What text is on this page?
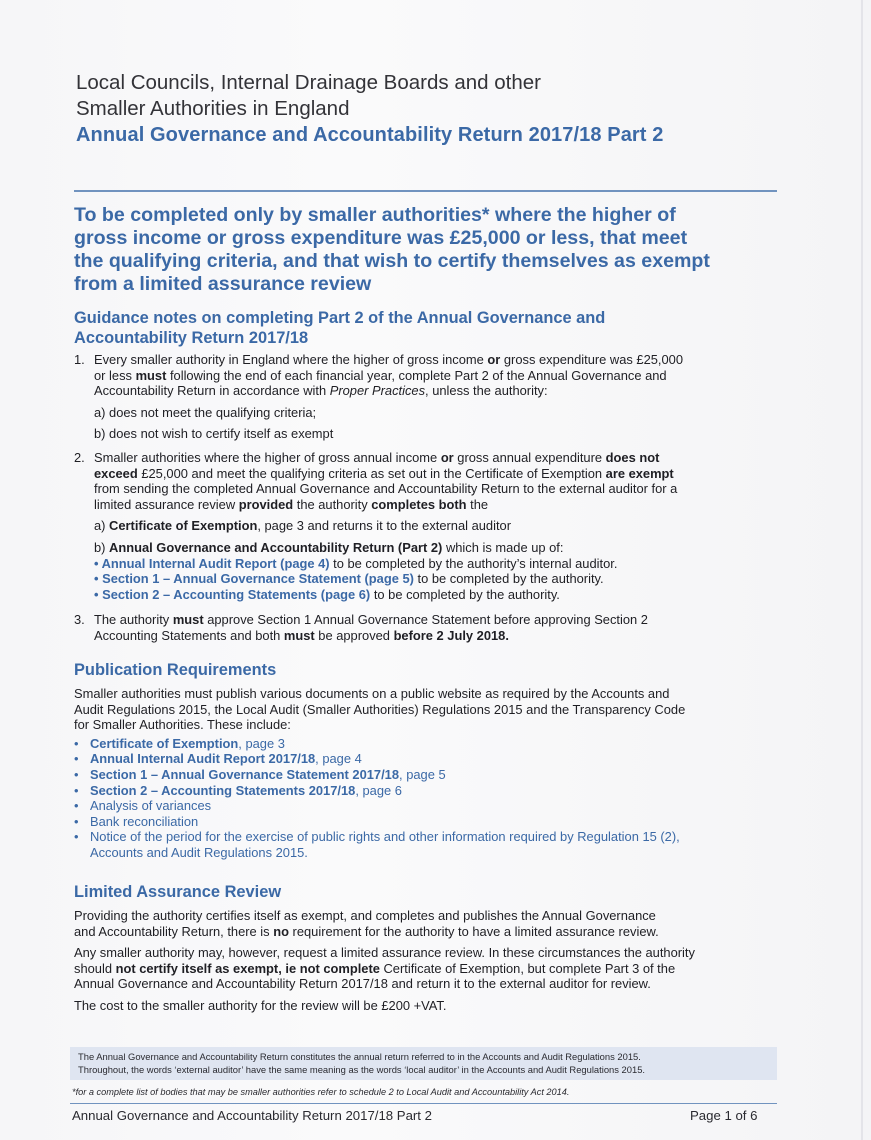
Local Councils, Internal Drainage Boards and other
Smaller Authorities in England
Annual Governance and Accountability Return 2017/18 Part 2
To be completed only by smaller authorities* where the higher of
gross income or gross expenditure was £25,000 or less, that meet
the qualifying criteria, and that wish to certify themselves as exempt
from a limited assurance review
Guidance notes on completing Part 2 of the Annual Governance and
Accountability Return 2017/18
1. Every smaller authority in England where the higher of gross income or gross expenditure was £25,000
or less must following the end of each financial year, complete Part 2 of the Annual Governance and
Accountability Return in accordance with Proper Practices, unless the authority:
a) does not meet the qualifying criteria;
b) does not wish to certify itself as exempt
2. Smaller authorities where the higher of gross annual income or gross annual expenditure does not
exceed £25,000 and meet the qualifying criteria as set out in the Certificate of Exemption are exempt
from sending the completed Annual Governance and Accountability Return to the external auditor for a
limited assurance review provided the authority completes both the
a) Certificate of Exemption, page 3 and returns it to the external auditor
b) Annual Governance and Accountability Return (Part 2) which is made up of:
• Annual Internal Audit Report (page 4) to be completed by the authority’s internal auditor.
• Section 1 – Annual Governance Statement (page 5) to be completed by the authority.
• Section 2 – Accounting Statements (page 6) to be completed by the authority.
3. The authority must approve Section 1 Annual Governance Statement before approving Section 2
Accounting Statements and both must be approved before 2 July 2018.
Publication Requirements
Smaller authorities must publish various documents on a public website as required by the Accounts and
Audit Regulations 2015, the Local Audit (Smaller Authorities) Regulations 2015 and the Transparency Code
for Smaller Authorities. These include:
• Certificate of Exemption, page 3
• Annual Internal Audit Report 2017/18, page 4
• Section 1 – Annual Governance Statement 2017/18, page 5
• Section 2 – Accounting Statements 2017/18, page 6
• Analysis of variances
• Bank reconciliation
• Notice of the period for the exercise of public rights and other information required by Regulation 15 (2),
Accounts and Audit Regulations 2015.
Limited Assurance Review
Providing the authority certifies itself as exempt, and completes and publishes the Annual Governance
and Accountability Return, there is no requirement for the authority to have a limited assurance review.
Any smaller authority may, however, request a limited assurance review. In these circumstances the authority
should not certify itself as exempt, ie not complete Certificate of Exemption, but complete Part 3 of the
Annual Governance and Accountability Return 2017/18 and return it to the external auditor for review.
The cost to the smaller authority for the review will be £200 +VAT.
The Annual Governance and Accountability Return constitutes the annual return referred to in the Accounts and Audit Regulations 2015.
Throughout, the words ‘external auditor’ have the same meaning as the words ‘local auditor’ in the Accounts and Audit Regulations 2015.
*for a complete list of bodies that may be smaller authorities refer to schedule 2 to Local Audit and Accountability Act 2014.
Annual Governance and Accountability Return 2017/18 Part 2	Page 1 of 6
